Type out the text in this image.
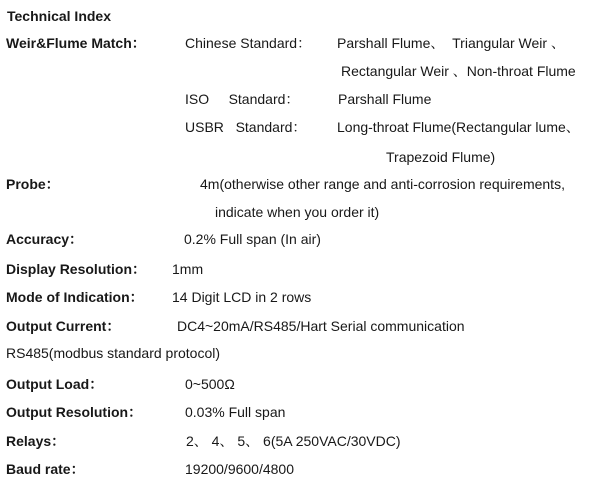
Technical Index
Weir&Flume Match：	Chinese Standard： Parshall Flume、  Triangular Weir 、
Rectangular Weir 、Non-throat Flume
ISO     Standard：	Parshall Flume
USBR   Standard： Long-throat Flume(Rectangular lume、
Trapezoid Flume)
Probe：	4m(otherwise other range and anti-corrosion requirements,
indicate when you order it)
Accuracy：	0.2% Full span (In air)
Display Resolution： 1mm
Mode of Indication： 14 Digit LCD in 2 rows
Output Current：	DC4~20mA/RS485/Hart Serial communication
RS485(modbus standard protocol)
Output Load：	0~500Ω
Output Resolution：	0.03% Full span
Relays：	2、 4、 5、 6(5A 250VAC/30VDC)
Baud rate：	19200/9600/4800
